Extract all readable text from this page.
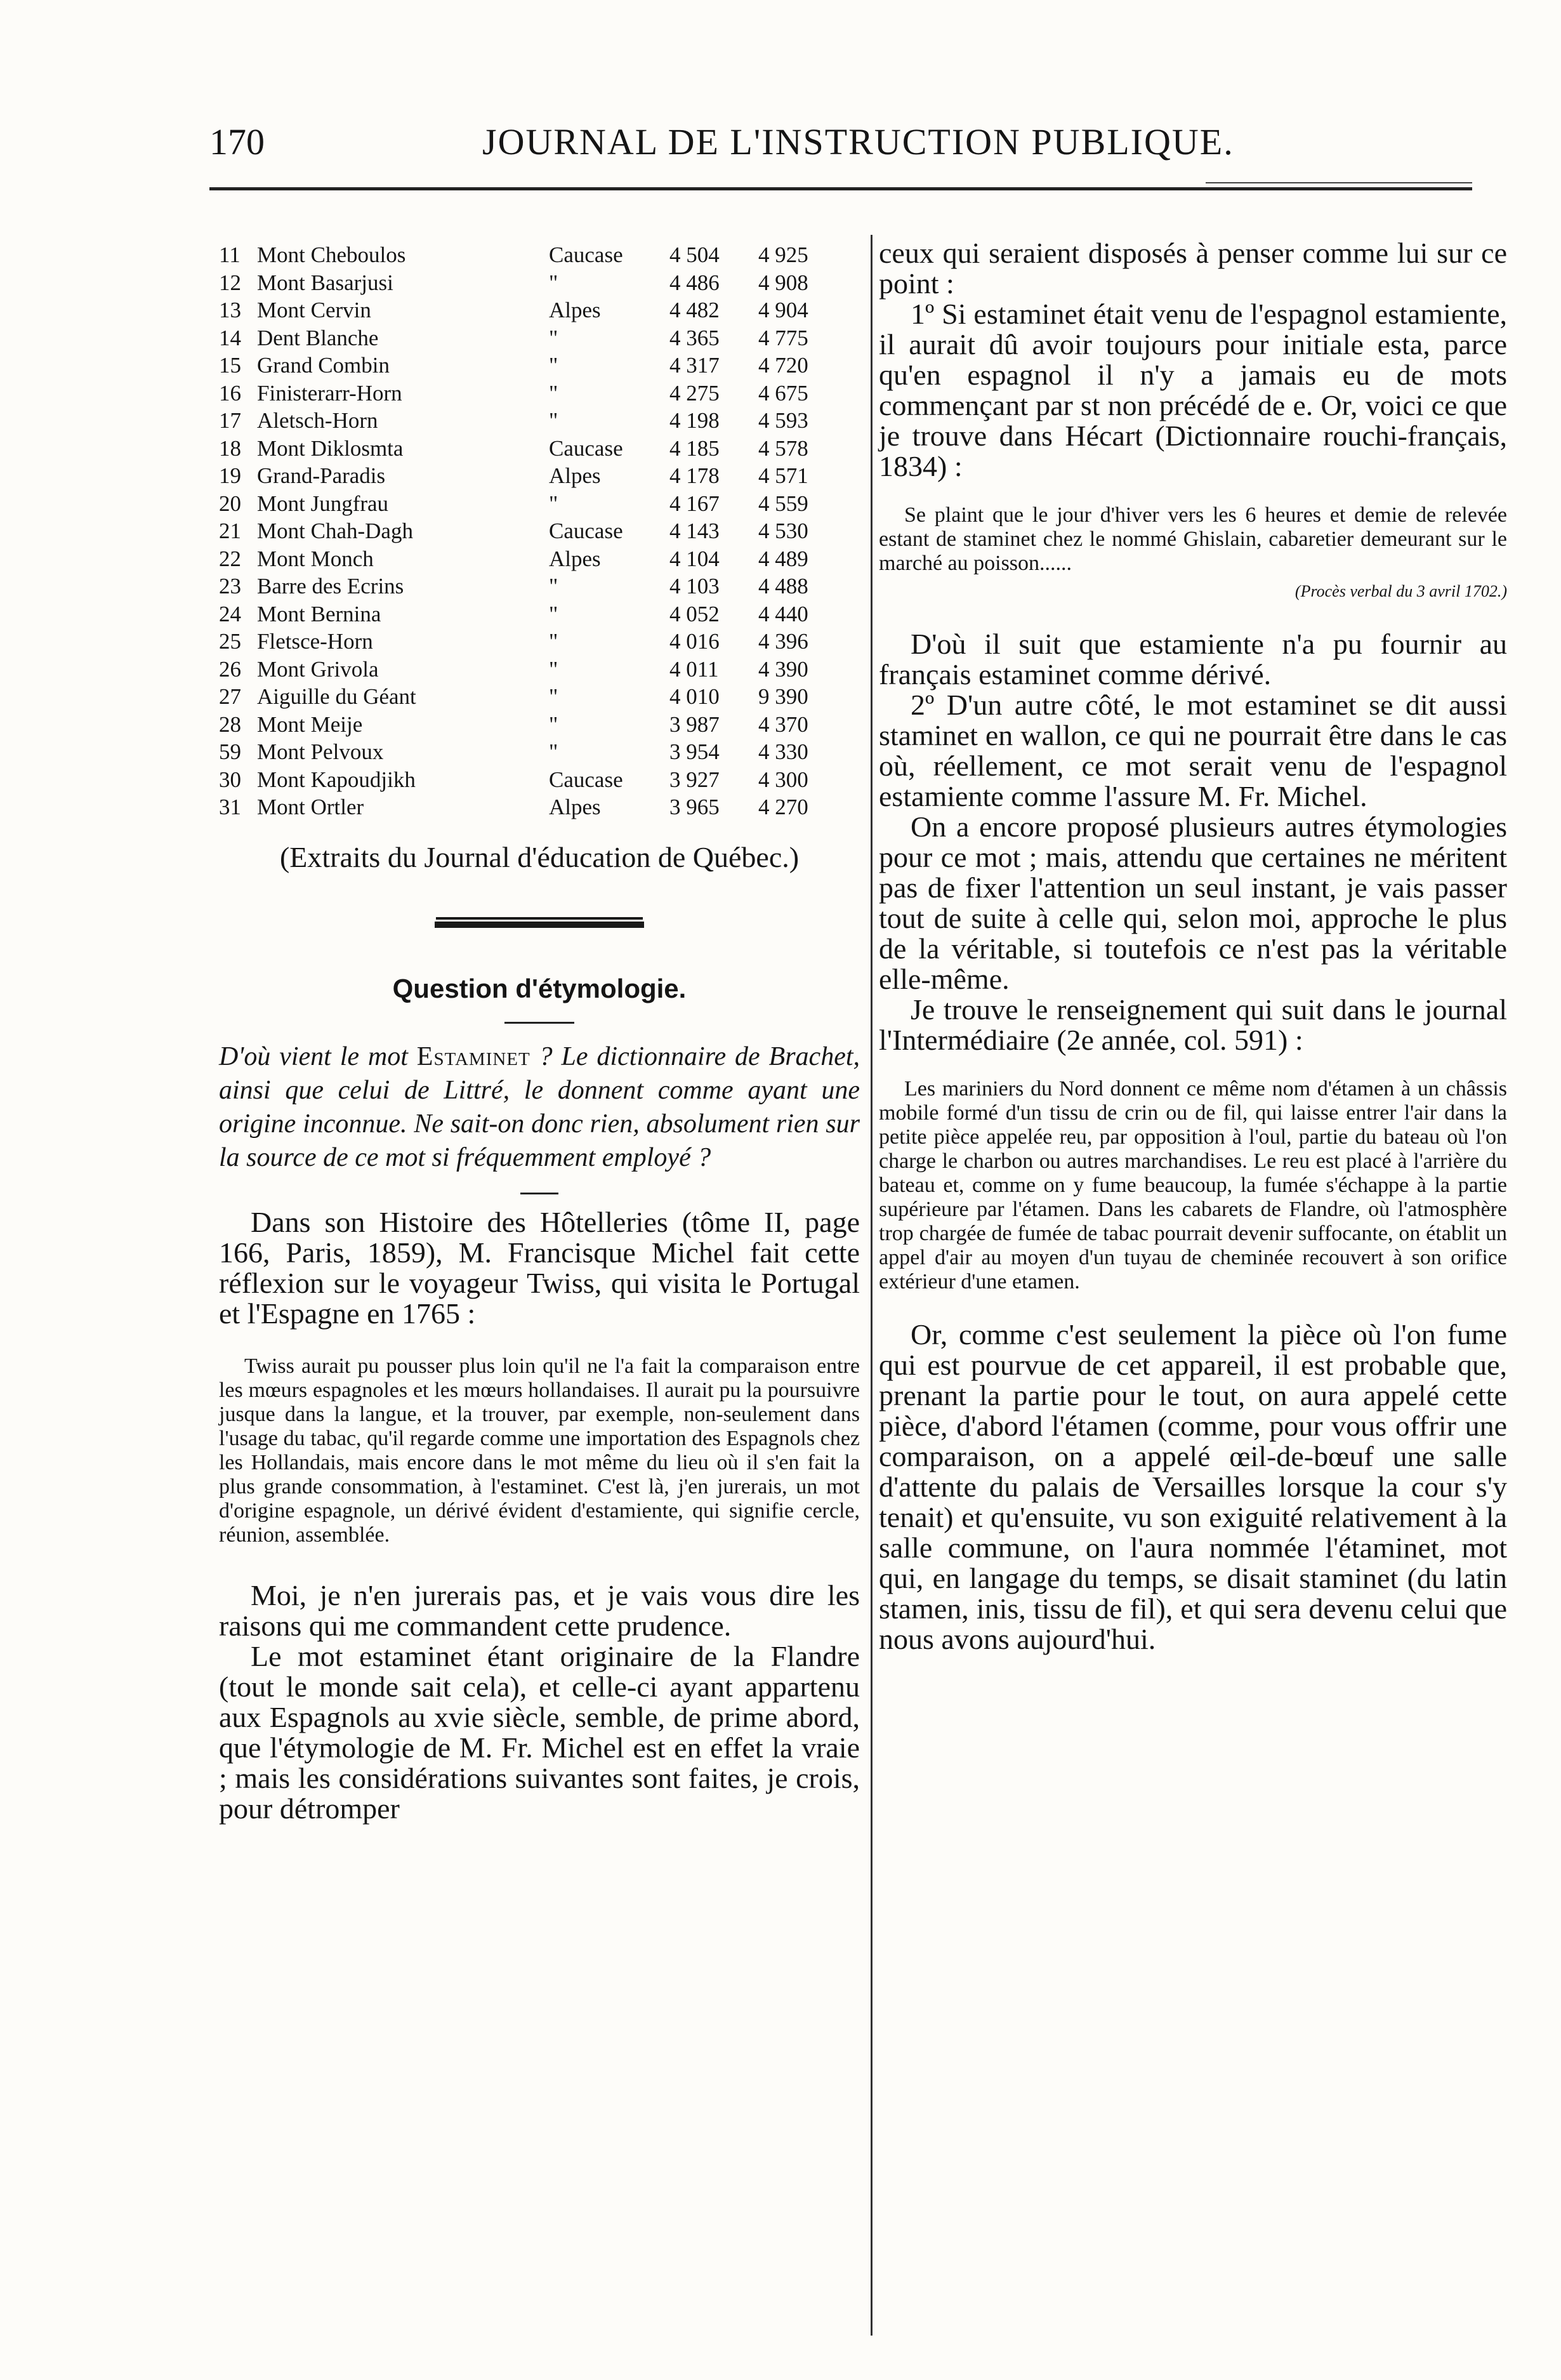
170	JOURNAL DE L'INSTRUCTION PUBLIQUE.
11	Mont Cheboulos	Caucase	4 504	4 925
12	Mont Basarjusi	"	4 486	4 908
13	Mont Cervin	Alpes	4 482	4 904
14	Dent Blanche	"	4 365	4 775
15	Grand Combin	"	4 317	4 720
16	Finisterarr-Horn	"	4 275	4 675
17	Aletsch-Horn	"	4 198	4 593
18	Mont Diklosmta	Caucase	4 185	4 578
19	Grand-Paradis	Alpes	4 178	4 571
20	Mont Jungfrau	"	4 167	4 559
21	Mont Chah-Dagh	Caucase	4 143	4 530
22	Mont Monch	Alpes	4 104	4 489
23	Barre des Ecrins	"	4 103	4 488
24	Mont Bernina	"	4 052	4 440
25	Fletsce-Horn	"	4 016	4 396
26	Mont Grivola	"	4 011	4 390
27	Aiguille du Géant	"	4 010	9 390
28	Mont Meije	"	3 987	4 370
59	Mont Pelvoux	"	3 954	4 330
30	Mont Kapoudjikh	Caucase	3 927	4 300
31	Mont Ortler	Alpes	3 965	4 270
(Extraits du Journal d'éducation de Québec.)
Question d'étymologie.
D'où vient le mot Estaminet ? Le dictionnaire de Brachet, ainsi que celui de Littré, le donnent comme ayant une origine inconnue. Ne sait-on donc rien, absolument rien sur la source de ce mot si fréquemment employé ?

Dans son Histoire des Hôtelleries (tôme II, page 166, Paris, 1859), M. Francisque Michel fait cette réflexion sur le voyageur Twiss, qui visita le Portugal et l'Espagne en 1765 :

Twiss aurait pu pousser plus loin qu'il ne l'a fait la comparaison entre les mœurs espagnoles et les mœurs hollandaises. Il aurait pu la poursuivre jusque dans la langue, et la trouver, par exemple, non-seulement dans l'usage du tabac, qu'il regarde comme une importation des Espagnols chez les Hollandais, mais encore dans le mot même du lieu où il s'en fait la plus grande consommation, à l'estaminet. C'est là, j'en jurerais, un mot d'origine espagnole, un dérivé évident d'estamiente, qui signifie cercle, réunion, assemblée.

Moi, je n'en jurerais pas, et je vais vous dire les raisons qui me commandent cette prudence.

Le mot estaminet étant originaire de la Flandre (tout le monde sait cela), et celle-ci ayant appartenu aux Espagnols au xvie siècle, semble, de prime abord, que l'étymologie de M. Fr. Michel est en effet la vraie ; mais les considérations suivantes sont faites, je crois, pour détromper

ceux qui seraient disposés à penser comme lui sur ce point :

1º Si estaminet était venu de l'espagnol estamiente, il aurait dû avoir toujours pour initiale esta, parce qu'en espagnol il n'y a jamais eu de mots commençant par st non précédé de e. Or, voici ce que je trouve dans Hécart (Dictionnaire rouchi-français, 1834) :

Se plaint que le jour d'hiver vers les 6 heures et demie de relevée estant de staminet chez le nommé Ghislain, cabaretier demeurant sur le marché au poisson......

(Procès verbal du 3 avril 1702.)

D'où il suit que estamiente n'a pu fournir au français estaminet comme dérivé.

2º D'un autre côté, le mot estaminet se dit aussi staminet en wallon, ce qui ne pourrait être dans le cas où, réellement, ce mot serait venu de l'espagnol estamiente comme l'assure M. Fr. Michel.

On a encore proposé plusieurs autres étymologies pour ce mot ; mais, attendu que certaines ne méritent pas de fixer l'attention un seul instant, je vais passer tout de suite à celle qui, selon moi, approche le plus de la véritable, si toutefois ce n'est pas la véritable elle-même.

Je trouve le renseignement qui suit dans le journal l'Intermédiaire (2e année, col. 591) :

Les mariniers du Nord donnent ce même nom d'étamen à un châssis mobile formé d'un tissu de crin ou de fil, qui laisse entrer l'air dans la petite pièce appelée reu, par opposition à l'oul, partie du bateau où l'on charge le charbon ou autres marchandises. Le reu est placé à l'arrière du bateau et, comme on y fume beaucoup, la fumée s'échappe à la partie supérieure par l'étamen. Dans les cabarets de Flandre, où l'atmosphère trop chargée de fumée de tabac pourrait devenir suffocante, on établit un appel d'air au moyen d'un tuyau de cheminée recouvert à son orifice extérieur d'une etamen.

Or, comme c'est seulement la pièce où l'on fume qui est pourvue de cet appareil, il est probable que, prenant la partie pour le tout, on aura appelé cette pièce, d'abord l'étamen (comme, pour vous offrir une comparaison, on a appelé œil-de-bœuf une salle d'attente du palais de Versailles lorsque la cour s'y tenait) et qu'ensuite, vu son exiguité relativement à la salle commune, on l'aura nommée l'étaminet, mot qui, en langage du temps, se disait staminet (du latin stamen, inis, tissu de fil), et qui sera devenu celui que nous avons aujourd'hui.
